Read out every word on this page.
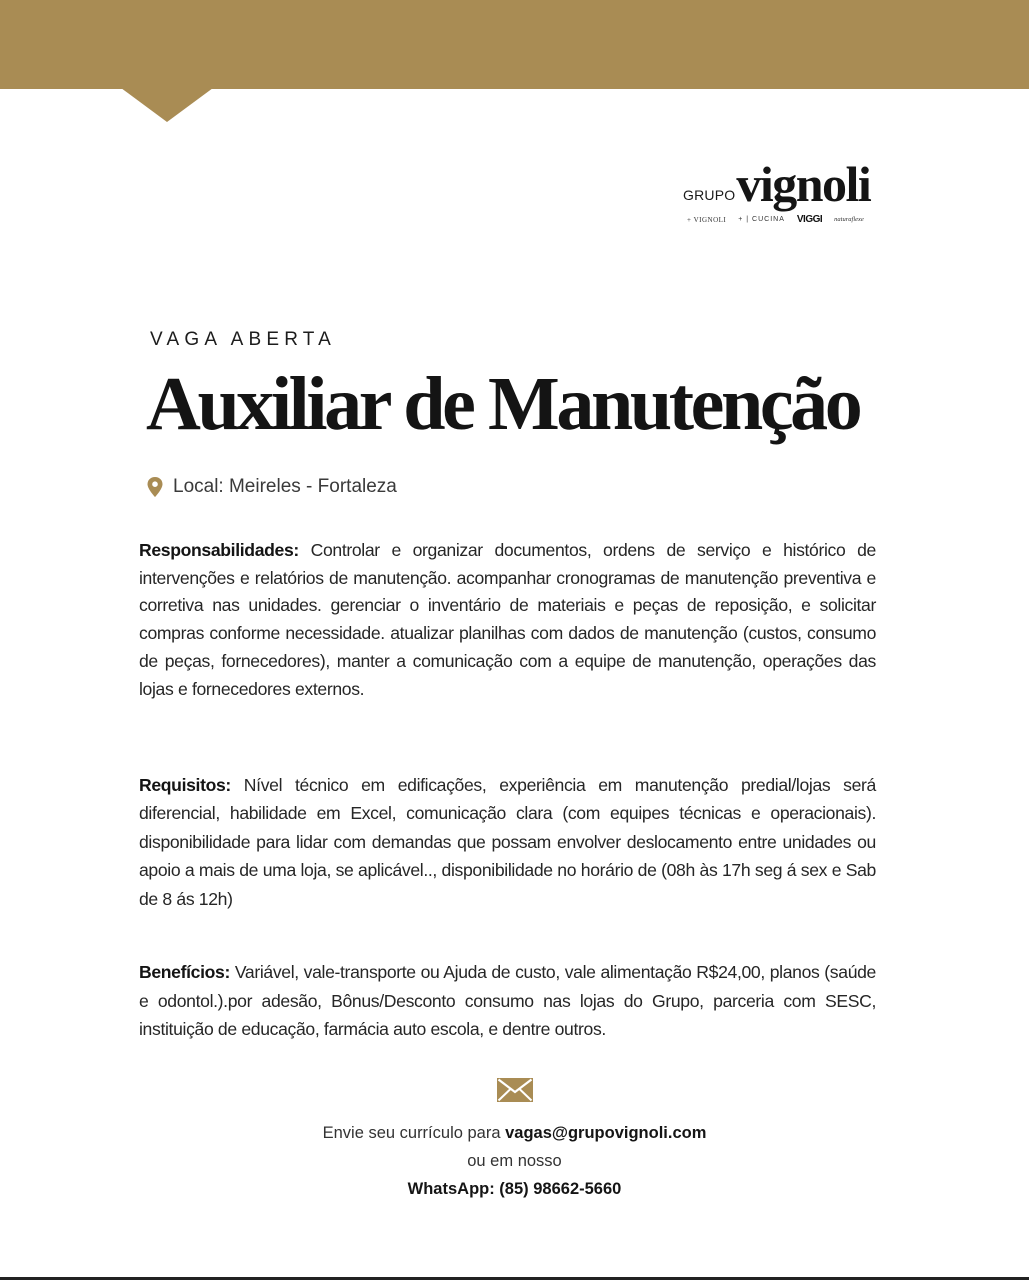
GRUPO vignoli
+ VIGNOLI + | CUCINA VIGGI naturaflexe
VAGA ABERTA
Auxiliar de Manutenção
Local: Meireles - Fortaleza
Responsabilidades: Controlar e organizar documentos, ordens de serviço e histórico de intervenções e relatórios de manutenção. acompanhar cronogramas de manutenção preventiva e corretiva nas unidades. gerenciar o inventário de materiais e peças de reposição, e solicitar compras conforme necessidade. atualizar planilhas com dados de manutenção (custos, consumo de peças, fornecedores), manter a comunicação com a equipe de manutenção, operações das lojas e fornecedores externos.
Requisitos: Nível técnico em edificações, experiência em manutenção predial/lojas será diferencial, habilidade em Excel, comunicação clara (com equipes técnicas e operacionais). disponibilidade para lidar com demandas que possam envolver deslocamento entre unidades ou apoio a mais de uma loja, se aplicável.., disponibilidade no horário de (08h às 17h seg á sex e Sab de 8 ás 12h)
Benefícios: Variável, vale-transporte ou Ajuda de custo, vale alimentação R$24,00, planos (saúde e odontol.).por adesão, Bônus/Desconto consumo nas lojas do Grupo, parceria com SESC, instituição de educação, farmácia auto escola, e dentre outros.
Envie seu currículo para vagas@grupovignoli.com
ou em nosso
WhatsApp: (85) 98662-5660
